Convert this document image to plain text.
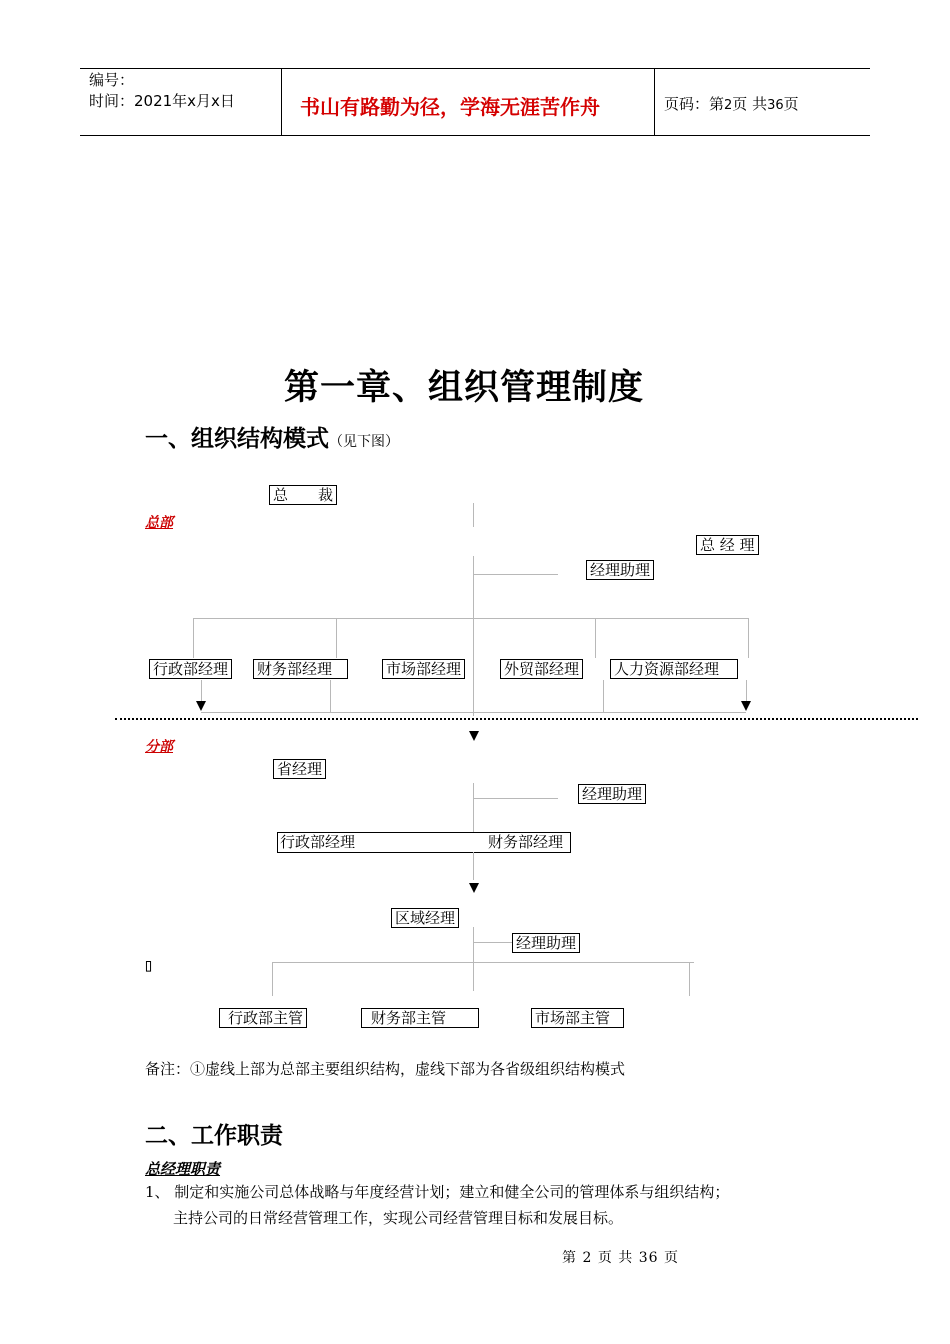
编号：
时间：2021年x月x日	书山有路勤为径，学海无涯苦作舟	页码：第2页 共36页
第一章、组织管理制度
一、组织结构模式（见下图）
总　　裁
总部
总 经 理
经理助理
行政部经理 财务部经理	市场部经理	外贸部经理 人力资源部经理
分部
省经理
经理助理
行政部经理	财务部经理
区域经理
经理助理
▯
行政部主管	财务部主管	市场部主管
备注：①虚线上部为总部主要组织结构，虚线下部为各省级组织结构模式
二、工作职责
总经理职责
1、 制定和实施公司总体战略与年度经营计划；建立和健全公司的管理体系与组织结构；
主持公司的日常经营管理工作，实现公司经营管理目标和发展目标。
第 2 页 共 36 页
